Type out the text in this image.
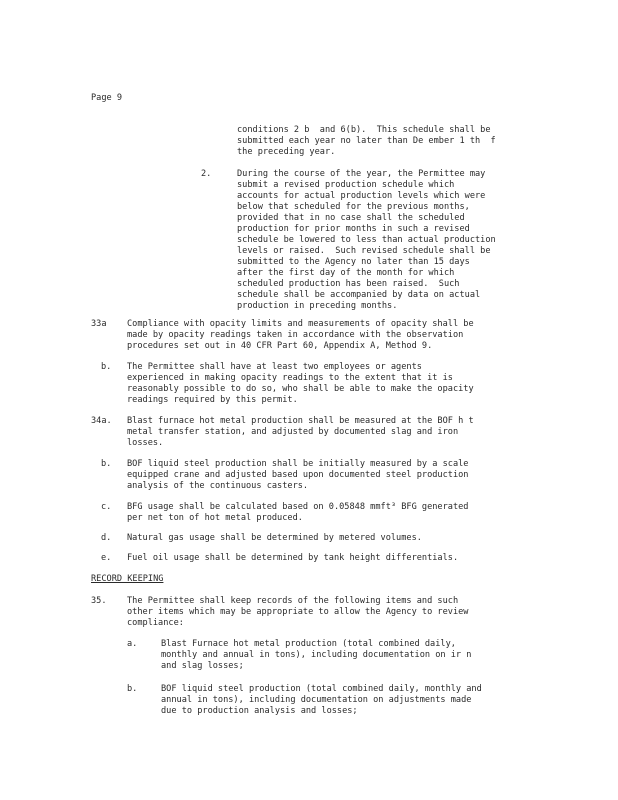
Page 9
conditions 2 b  and 6(b).  This schedule shall be
submitted each year no later than De ember 1 th  f
the preceding year.
2.	During the course of the year, the Permittee may
submit a revised production schedule which
accounts for actual production levels which were
below that scheduled for the previous months,
provided that in no case shall the scheduled
production for prior months in such a revised
schedule be lowered to less than actual production
levels or raised.  Such revised schedule shall be
submitted to the Agency no later than 15 days
after the first day of the month for which
scheduled production has been raised.  Such
schedule shall be accompanied by data on actual
production in preceding months.
33a Compliance with opacity limits and measurements of opacity shall be
made by opacity readings taken in accordance with the observation
procedures set out in 40 CFR Part 60, Appendix A, Method 9.
b. The Permittee shall have at least two employees or agents
experienced in making opacity readings to the extent that it is
reasonably possible to do so, who shall be able to make the opacity
readings required by this permit.
34a. Blast furnace hot metal production shall be measured at the BOF h t
metal transfer station, and adjusted by documented slag and iron
losses.
b. BOF liquid steel production shall be initially measured by a scale
equipped crane and adjusted based upon documented steel production
analysis of the continuous casters.
c. BFG usage shall be calculated based on 0.05848 mmft³ BFG generated
per net ton of hot metal produced.
d. Natural gas usage shall be determined by metered volumes.
e. Fuel oil usage shall be determined by tank height differentials.
RECORD KEEPING
35. The Permittee shall keep records of the following items and such
other items which may be appropriate to allow the Agency to review
compliance:
a.	Blast Furnace hot metal production (total combined daily,
monthly and annual in tons), including documentation on ir n
and slag losses;
b.	BOF liquid steel production (total combined daily, monthly and
annual in tons), including documentation on adjustments made
due to production analysis and losses;
